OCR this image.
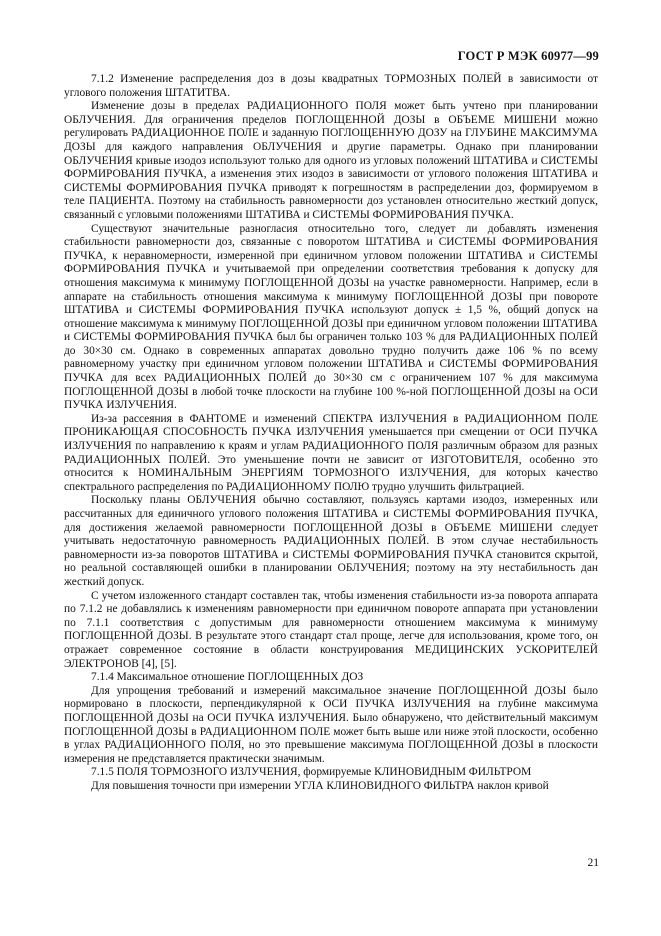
ГОСТ Р МЭК 60977—99

7.1.2 Изменение распределения доз в дозы квадратных ТОРМОЗНЫХ ПОЛЕЙ в зависимости от углового положения ШТАТИТВА.

Изменение дозы в пределах РАДИАЦИОННОГО ПОЛЯ может быть учтено при планировании ОБЛУЧЕНИЯ. Для ограничения пределов ПОГЛОЩЕННОЙ ДОЗЫ в ОБЪЕМЕ МИШЕНИ можно регулировать РАДИАЦИОННОЕ ПОЛЕ и заданную ПОГЛОЩЕННУЮ ДОЗУ на ГЛУБИНЕ МАКСИМУМА ДОЗЫ для каждого направления ОБЛУЧЕНИЯ и другие параметры. Однако при планировании ОБЛУЧЕНИЯ кривые изодоз используют только для одного из угловых положений ШТАТИВА и СИСТЕМЫ ФОРМИРОВАНИЯ ПУЧКА, а изменения этих изодоз в зависимости от углового положения ШТАТИВА и СИСТЕМЫ ФОРМИРОВАНИЯ ПУЧКА приводят к погрешностям в распределении доз, формируемом в теле ПАЦИЕНТА. Поэтому на стабильность равномерности доз установлен относительно жесткий допуск, связанный с угловыми положениями ШТАТИВА и СИСТЕМЫ ФОРМИРОВАНИЯ ПУЧКА.

Существуют значительные разногласия относительно того, следует ли добавлять изменения стабильности равномерности доз, связанные с поворотом ШТАТИВА и СИСТЕМЫ ФОРМИРОВАНИЯ ПУЧКА, к неравномерности, измеренной при единичном угловом положении ШТАТИВА и СИСТЕМЫ ФОРМИРОВАНИЯ ПУЧКА и учитываемой при определении соответствия требования к допуску для отношения максимума к минимуму ПОГЛОЩЕННОЙ ДОЗЫ на участке равномерности. Например, если в аппарате на стабильность отношения максимума к минимуму ПОГЛОЩЕННОЙ ДОЗЫ при повороте ШТАТИВА и СИСТЕМЫ ФОРМИРОВАНИЯ ПУЧКА используют допуск ± 1,5 %, общий допуск на отношение максимума к минимуму ПОГЛОЩЕННОЙ ДОЗЫ при единичном угловом положении ШТАТИВА и СИСТЕМЫ ФОРМИРОВАНИЯ ПУЧКА был бы ограничен только 103 % для РАДИАЦИОННЫХ ПОЛЕЙ до 30×30 см. Однако в современных аппаратах довольно трудно получить даже 106 % по всему равномерному участку при единичном угловом положении ШТАТИВА и СИСТЕМЫ ФОРМИРОВАНИЯ ПУЧКА для всех РАДИАЦИОННЫХ ПОЛЕЙ до 30×30 см с ограничением 107 % для максимума ПОГЛОЩЕННОЙ ДОЗЫ в любой точке плоскости на глубине 100 %-ной ПОГЛОЩЕННОЙ ДОЗЫ на ОСИ ПУЧКА ИЗЛУЧЕНИЯ.

Из-за рассеяния в ФАНТОМЕ и изменений СПЕКТРА ИЗЛУЧЕНИЯ в РАДИАЦИОННОМ ПОЛЕ ПРОНИКАЮЩАЯ СПОСОБНОСТЬ ПУЧКА ИЗЛУЧЕНИЯ уменьшается при смещении от ОСИ ПУЧКА ИЗЛУЧЕНИЯ по направлению к краям и углам РАДИАЦИОННОГО ПОЛЯ различным образом для разных РАДИАЦИОННЫХ ПОЛЕЙ. Это уменьшение почти не зависит от ИЗГОТОВИТЕЛЯ, особенно это относится к НОМИНАЛЬНЫМ ЭНЕРГИЯМ ТОРМОЗНОГО ИЗЛУЧЕНИЯ, для которых качество спектрального распределения по РАДИАЦИОННОМУ ПОЛЮ трудно улучшить фильтрацией.

Поскольку планы ОБЛУЧЕНИЯ обычно составляют, пользуясь картами изодоз, измеренных или рассчитанных для единичного углового положения ШТАТИВА и СИСТЕМЫ ФОРМИРОВАНИЯ ПУЧКА, для достижения желаемой равномерности ПОГЛОЩЕННОЙ ДОЗЫ в ОБЪЕМЕ МИШЕНИ следует учитывать недостаточную равномерность РАДИАЦИОННЫХ ПОЛЕЙ. В этом случае нестабильность равномерности из-за поворотов ШТАТИВА и СИСТЕМЫ ФОРМИРОВАНИЯ ПУЧКА становится скрытой, но реальной составляющей ошибки в планировании ОБЛУЧЕНИЯ; поэтому на эту нестабильность дан жесткий допуск.

С учетом изложенного стандарт составлен так, чтобы изменения стабильности из-за поворота аппарата по 7.1.2 не добавлялись к изменениям равномерности при единичном повороте аппарата при установлении по 7.1.1 соответствия с допустимым для равномерности отношением максимума к минимуму ПОГЛОЩЕННОЙ ДОЗЫ. В результате этого стандарт стал проще, легче для использования, кроме того, он отражает современное состояние в области конструирования МЕДИЦИНСКИХ УСКОРИТЕЛЕЙ ЭЛЕКТРОНОВ [4], [5].

7.1.4 Максимальное отношение ПОГЛОЩЕННЫХ ДОЗ

Для упрощения требований и измерений максимальное значение ПОГЛОЩЕННОЙ ДОЗЫ было нормировано в плоскости, перпендикулярной к ОСИ ПУЧКА ИЗЛУЧЕНИЯ на глубине максимума ПОГЛОЩЕННОЙ ДОЗЫ на ОСИ ПУЧКА ИЗЛУЧЕНИЯ. Было обнаружено, что действительный максимум ПОГЛОЩЕННОЙ ДОЗЫ в РАДИАЦИОННОМ ПОЛЕ может быть выше или ниже этой плоскости, особенно в углах РАДИАЦИОННОГО ПОЛЯ, но это превышение максимума ПОГЛОЩЕННОЙ ДОЗЫ в плоскости измерения не представляется практически значимым.

7.1.5 ПОЛЯ ТОРМОЗНОГО ИЗЛУЧЕНИЯ, формируемые КЛИНОВИДНЫМ ФИЛЬТРОМ

Для повышения точности при измерении УГЛА КЛИНОВИДНОГО ФИЛЬТРА наклон кривой

21
